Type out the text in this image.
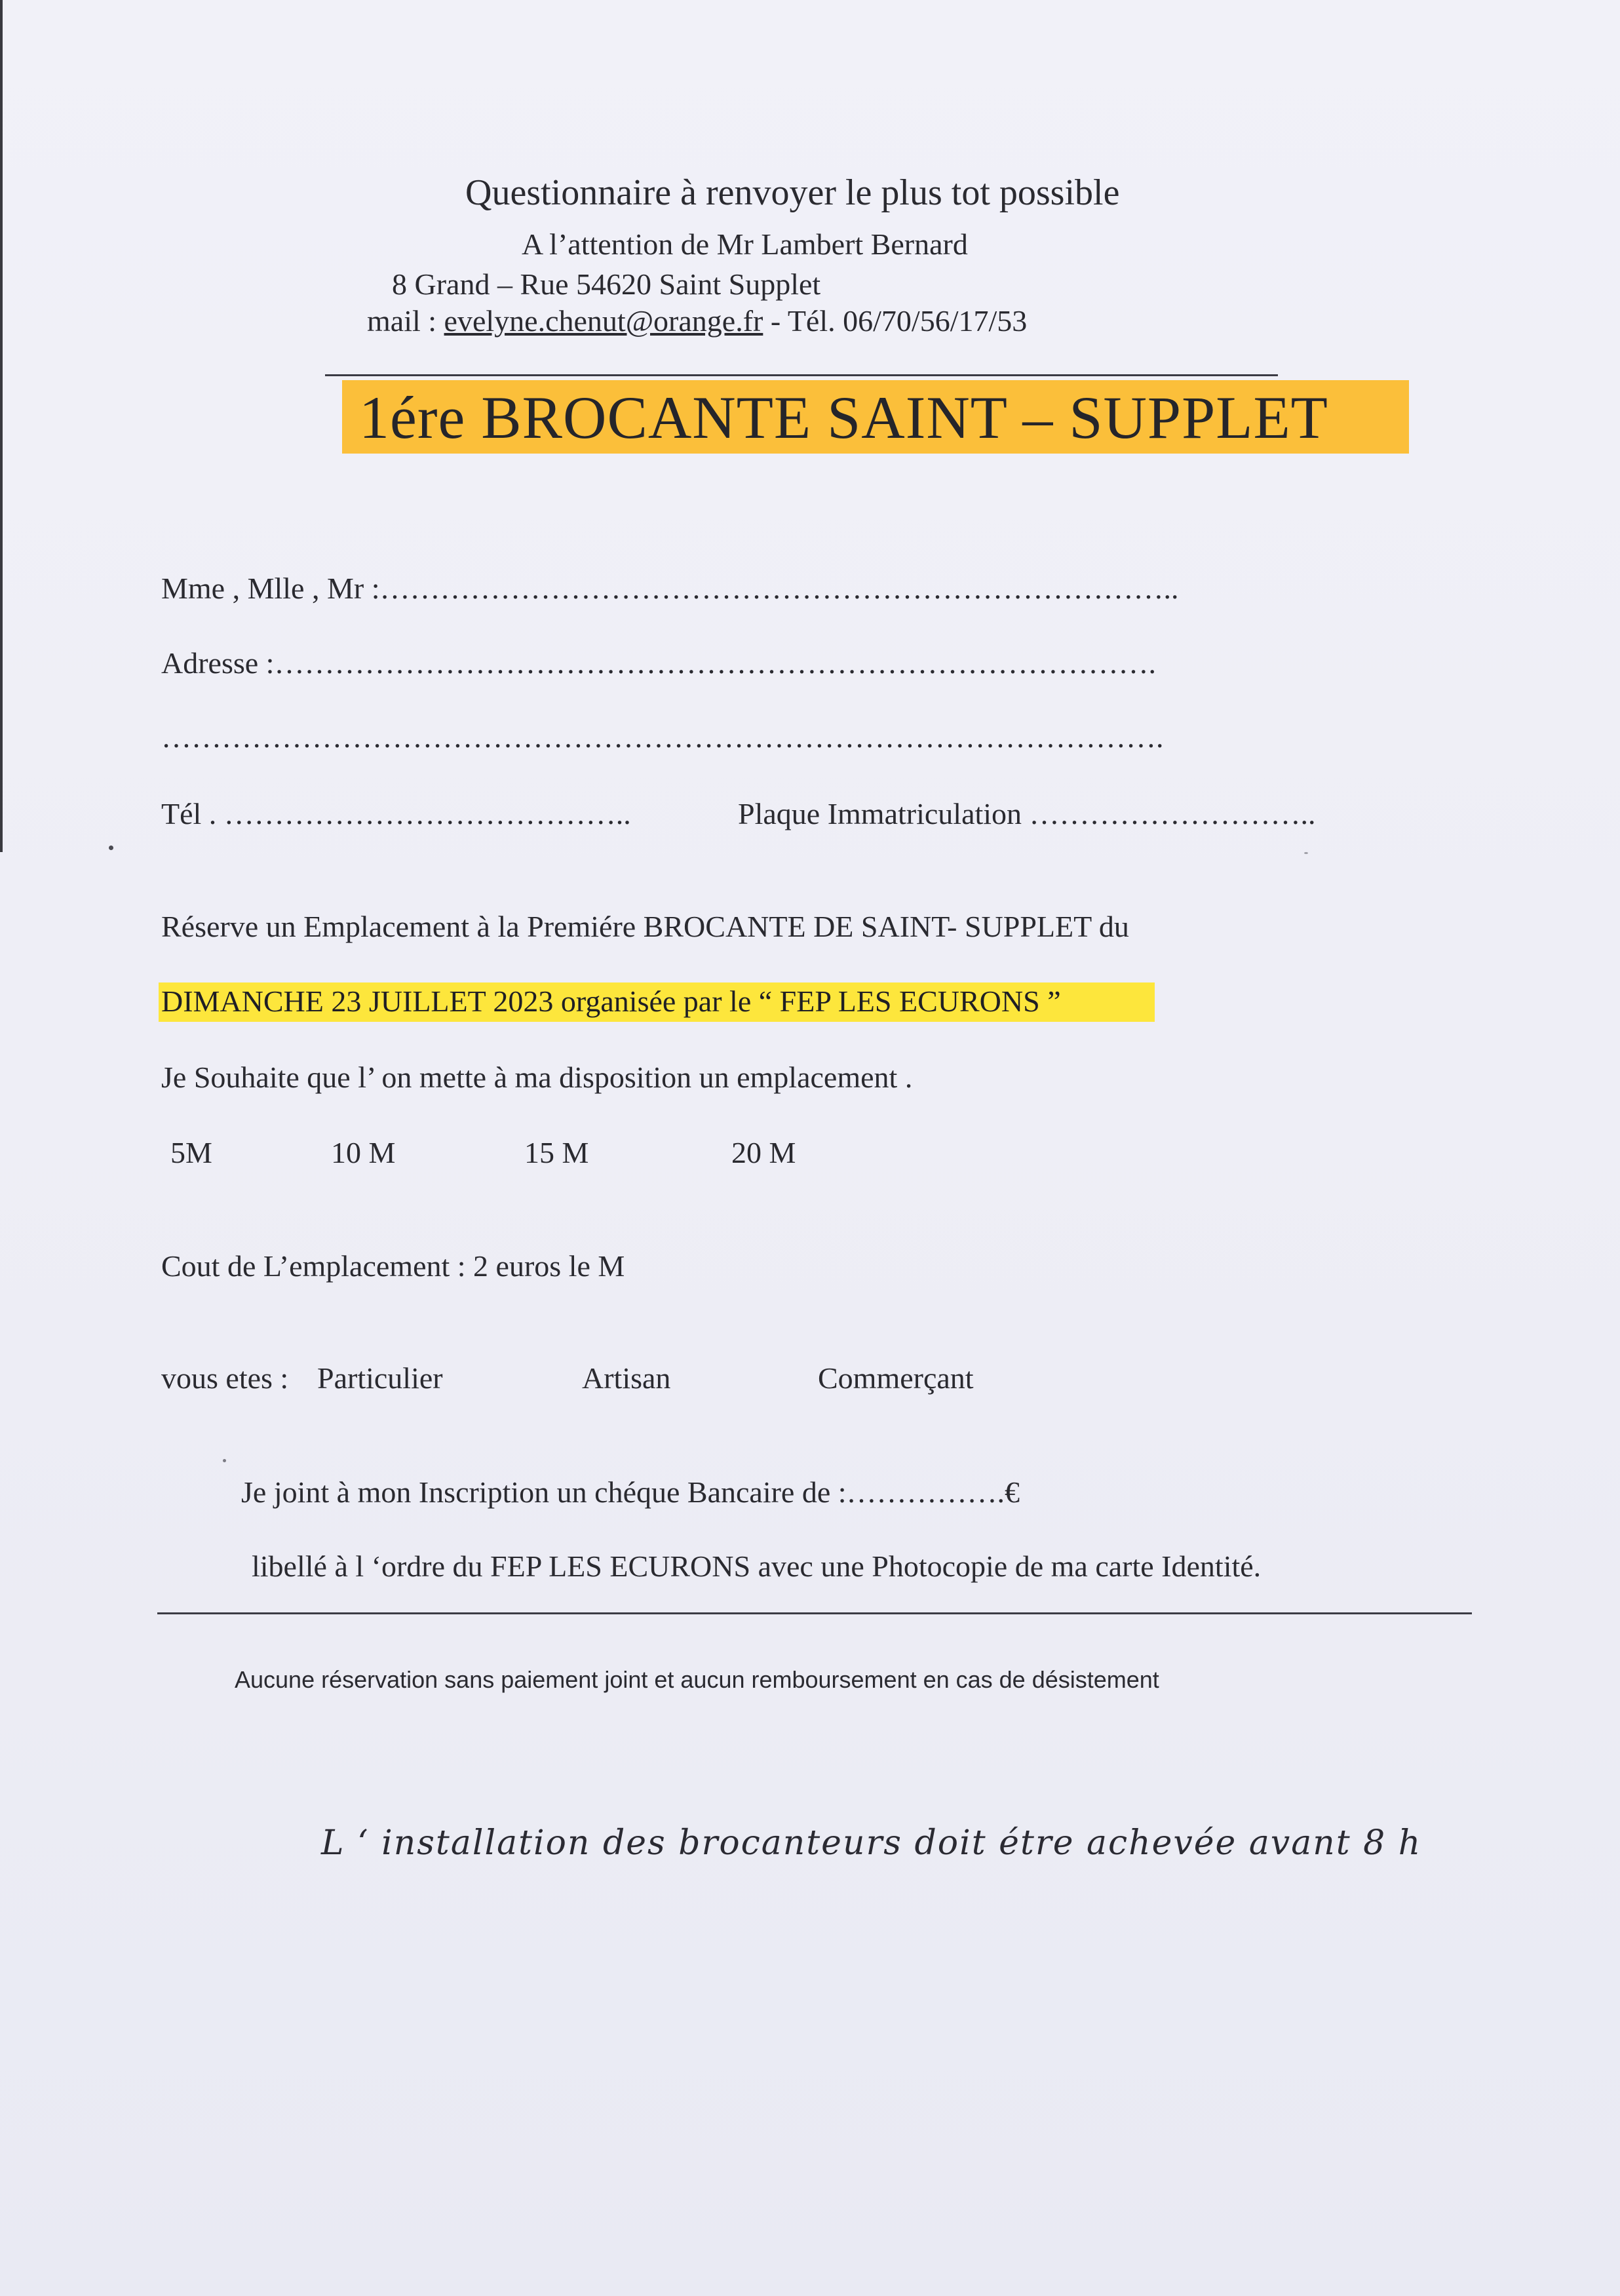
Questionnaire à renvoyer le plus tot possible
A l’attention de Mr Lambert Bernard
8 Grand – Rue 54620 Saint Supplet
mail : evelyne.chenut@orange.fr - Tél. 06/70/56/17/53
1ére BROCANTE SAINT – SUPPLET
Mme , Mlle , Mr :……………………………………………………………………..
Adresse :…………………………………………………………………………….
……………………………………………………………………………………….
Tél . …………………………………..	Plaque Immatriculation ………………………..
Réserve un Emplacement à la Premiére BROCANTE DE SAINT- SUPPLET du
DIMANCHE 23 JUILLET 2023 organisée par le “ FEP LES ECURONS ”
Je Souhaite que l’ on mette à ma disposition un emplacement .
5M	10 M	15 M	20 M
Cout de L’emplacement : 2 euros le M
vous etes : Particulier	Artisan	Commerçant
Je joint à mon Inscription un chéque Bancaire de :…………….€
libellé à l ‘ordre du FEP LES ECURONS avec une Photocopie de ma carte Identité.
Aucune réservation sans paiement joint et aucun remboursement en cas de désistement
L ‘ installation des brocanteurs doit étre achevée avant 8 h
